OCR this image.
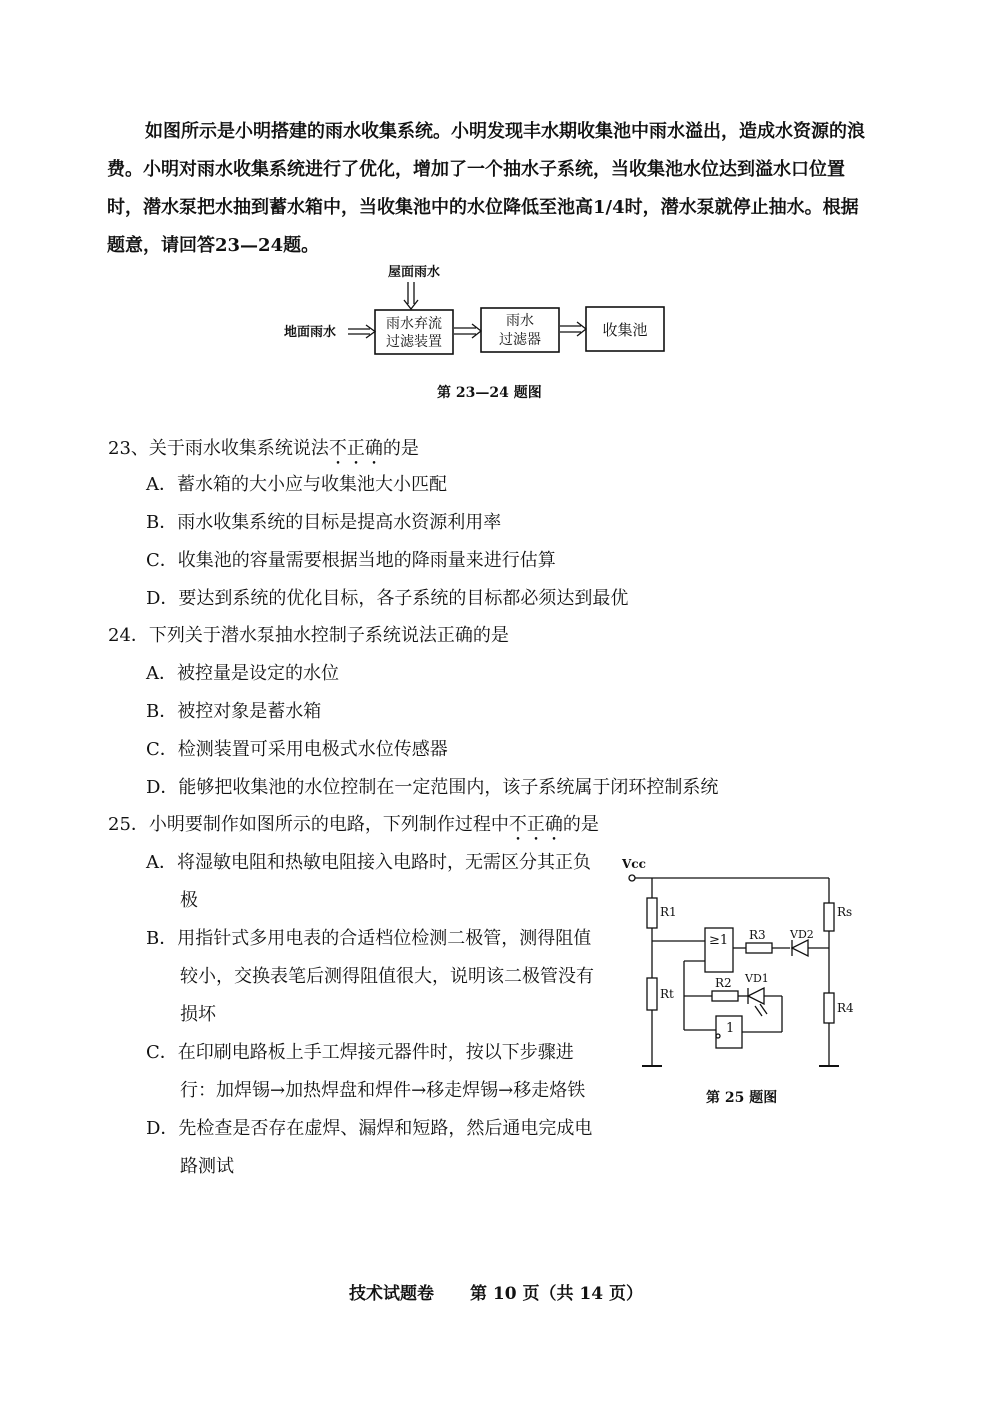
如图所示是小明搭建的雨水收集系统。小明发现丰水期收集池中雨水溢出，造成水资源的浪费。小明对雨水收集系统进行了优化，增加了一个抽水子系统，当收集池水位达到溢水口位置时，潜水泵把水抽到蓄水箱中，当收集池中的水位降低至池高1/4时，潜水泵就停止抽水。根据题意，请回答23—24题。

屋面雨水
地面雨水
雨水弃流
过滤装置
雨水
过滤器
收集池
第 23—24 题图

23、关于雨水收集系统说法不正确的是

A．蓄水箱的大小应与收集池大小匹配

B．雨水收集系统的目标是提高水资源利用率

C．收集池的容量需要根据当地的降雨量来进行估算

D．要达到系统的优化目标，各子系统的目标都必须达到最优

24．下列关于潜水泵抽水控制子系统说法正确的是

A．被控量是设定的水位

B．被控对象是蓄水箱

C．检测装置可采用电极式水位传感器

D．能够把收集池的水位控制在一定范围内，该子系统属于闭环控制系统

25．小明要制作如图所示的电路，下列制作过程中不正确的是

A．将湿敏电阻和热敏电阻接入电路时，无需区分其正负极

B．用指针式多用电表的合适档位检测二极管，测得阻值较小，交换表笔后测得阻值很大，说明该二极管没有损坏

C．在印刷电路板上手工焊接元器件时，按以下步骤进行：加焊锡→加热焊盘和焊件→移走焊锡→移走烙铁

D．先检查是否存在虚焊、漏焊和短路，然后通电完成电路测试

Vcc
R1
Rt
Rs
R4
R3
R2 VD1
VD2
≥1
1
第 25 题图
技术试题卷 第 10 页（共 14 页）
